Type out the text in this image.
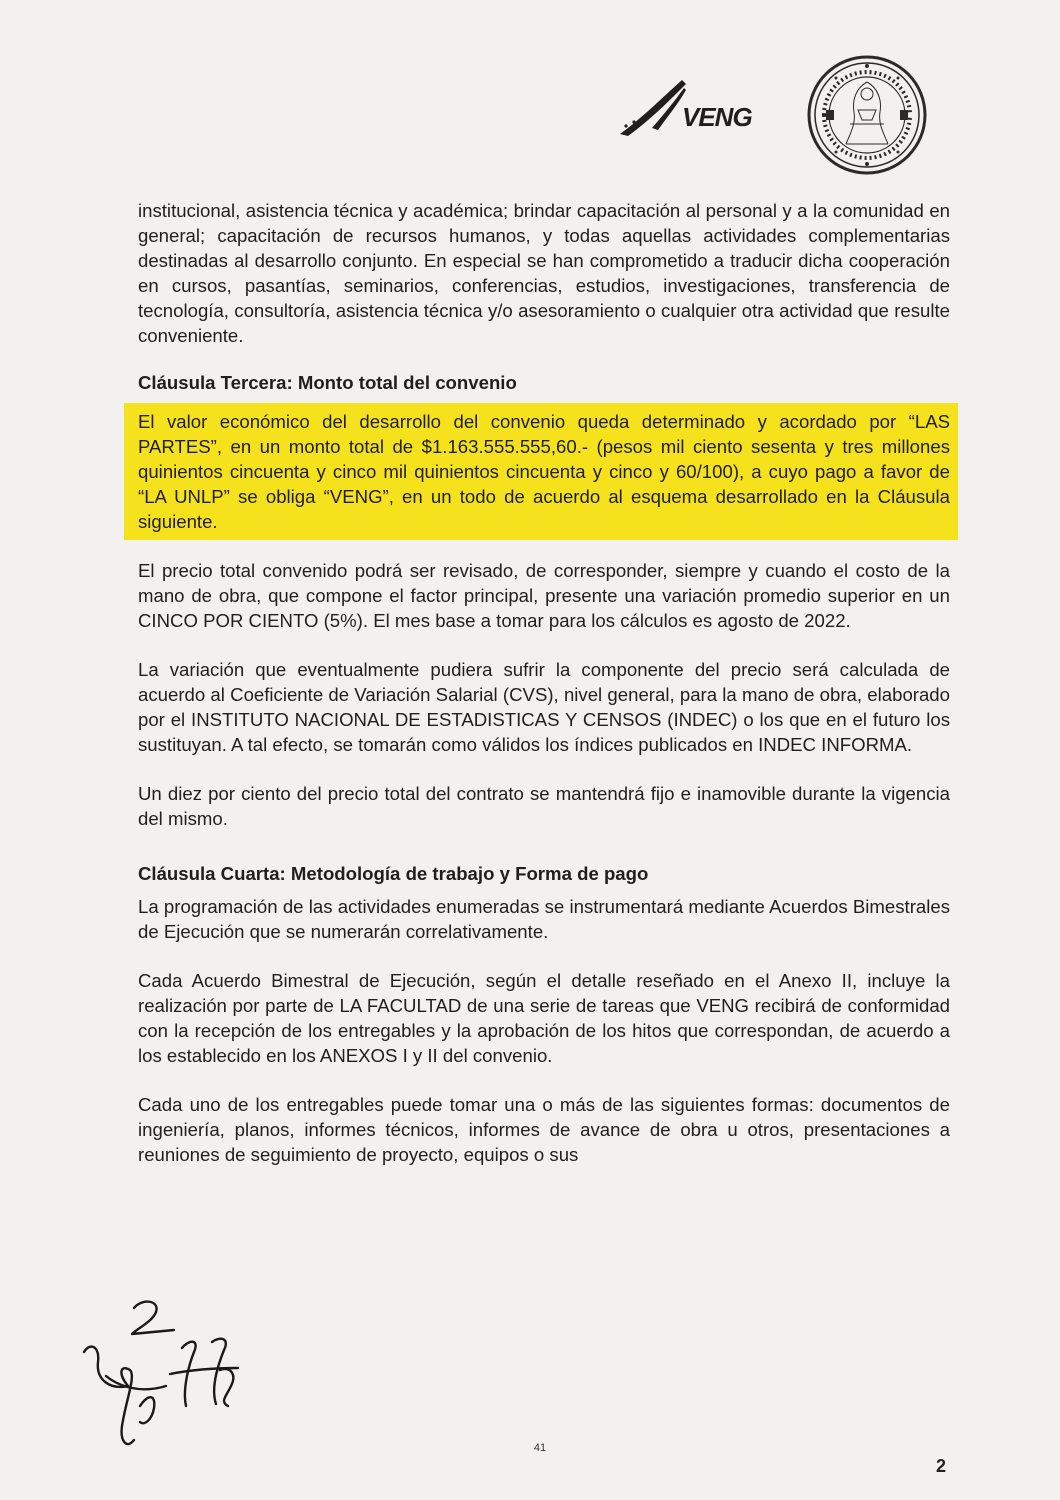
VENG

institucional, asistencia técnica y académica; brindar capacitación al personal y a la comunidad en general; capacitación de recursos humanos, y todas aquellas actividades complementarias destinadas al desarrollo conjunto. En especial se han comprometido a traducir dicha cooperación en cursos, pasantías, seminarios, conferencias, estudios, investigaciones, transferencia de tecnología, consultoría, asistencia técnica y/o asesoramiento o cualquier otra actividad que resulte conveniente.

Cláusula Tercera: Monto total del convenio

El valor económico del desarrollo del convenio queda determinado y acordado por “LAS PARTES”, en un monto total de $1.163.555.555,60.- (pesos mil ciento sesenta y tres millones quinientos cincuenta y cinco mil quinientos cincuenta y cinco y 60/100), a cuyo pago a favor de “LA UNLP” se obliga “VENG”, en un todo de acuerdo al esquema desarrollado en la Cláusula siguiente.

El precio total convenido podrá ser revisado, de corresponder, siempre y cuando el costo de la mano de obra, que compone el factor principal, presente una variación promedio superior en un CINCO POR CIENTO (5%). El mes base a tomar para los cálculos es agosto de 2022.

La variación que eventualmente pudiera sufrir la componente del precio será calculada de acuerdo al Coeficiente de Variación Salarial (CVS), nivel general, para la mano de obra, elaborado por el INSTITUTO NACIONAL DE ESTADISTICAS Y CENSOS (INDEC) o los que en el futuro los sustituyan. A tal efecto, se tomarán como válidos los índices publicados en INDEC INFORMA.

Un diez por ciento del precio total del contrato se mantendrá fijo e inamovible durante la vigencia del mismo.

Cláusula Cuarta: Metodología de trabajo y Forma de pago

La programación de las actividades enumeradas se instrumentará mediante Acuerdos Bimestrales de Ejecución que se numerarán correlativamente.

Cada Acuerdo Bimestral de Ejecución, según el detalle reseñado en el Anexo II, incluye la realización por parte de LA FACULTAD de una serie de tareas que VENG recibirá de conformidad con la recepción de los entregables y la aprobación de los hitos que correspondan, de acuerdo a los establecido en los ANEXOS I y II del convenio.

Cada uno de los entregables puede tomar una o más de las siguientes formas: documentos de ingeniería, planos, informes técnicos, informes de avance de obra u otros, presentaciones a reuniones de seguimiento de proyecto, equipos o sus

2
41
2
